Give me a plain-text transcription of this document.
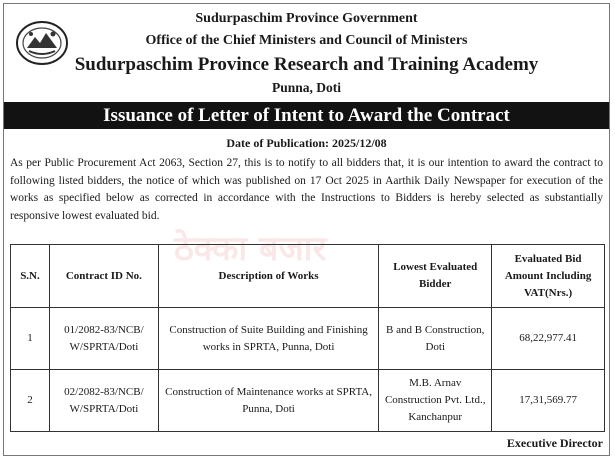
Sudurpaschim Province Government
Office of the Chief Ministers and Council of Ministers
Sudurpaschim Province Research and Training Academy
Punna, Doti
Issuance of Letter of Intent to Award the Contract
Date of Publication: 2025/12/08
As per Public Procurement Act 2063, Section 27, this is to notify to all bidders that, it is our intention to award the contract to following listed bidders, the notice of which was published on 17 Oct 2025 in Aarthik Daily Newspaper for execution of the works as specified below as corrected in accordance with the Instructions to Bidders is hereby selected as substantially responsive lowest evaluated bid.
ठेक्का बजार
S.N.	Contract ID No.	Description of Works	Lowest Evaluated Bidder	Evaluated Bid Amount Including VAT(Nrs.)
1	01/2082-83/NCB/ W/SPRTA/Doti	Construction of Suite Building and Finishing works in SPRTA, Punna, Doti	B and B Construction, Doti	68,22,977.41
2	02/2082-83/NCB/ W/SPRTA/Doti	Construction of Maintenance works at SPRTA, Punna, Doti	M.B. Arnav Construction Pvt. Ltd., Kanchanpur	17,31,569.77
Executive Director
